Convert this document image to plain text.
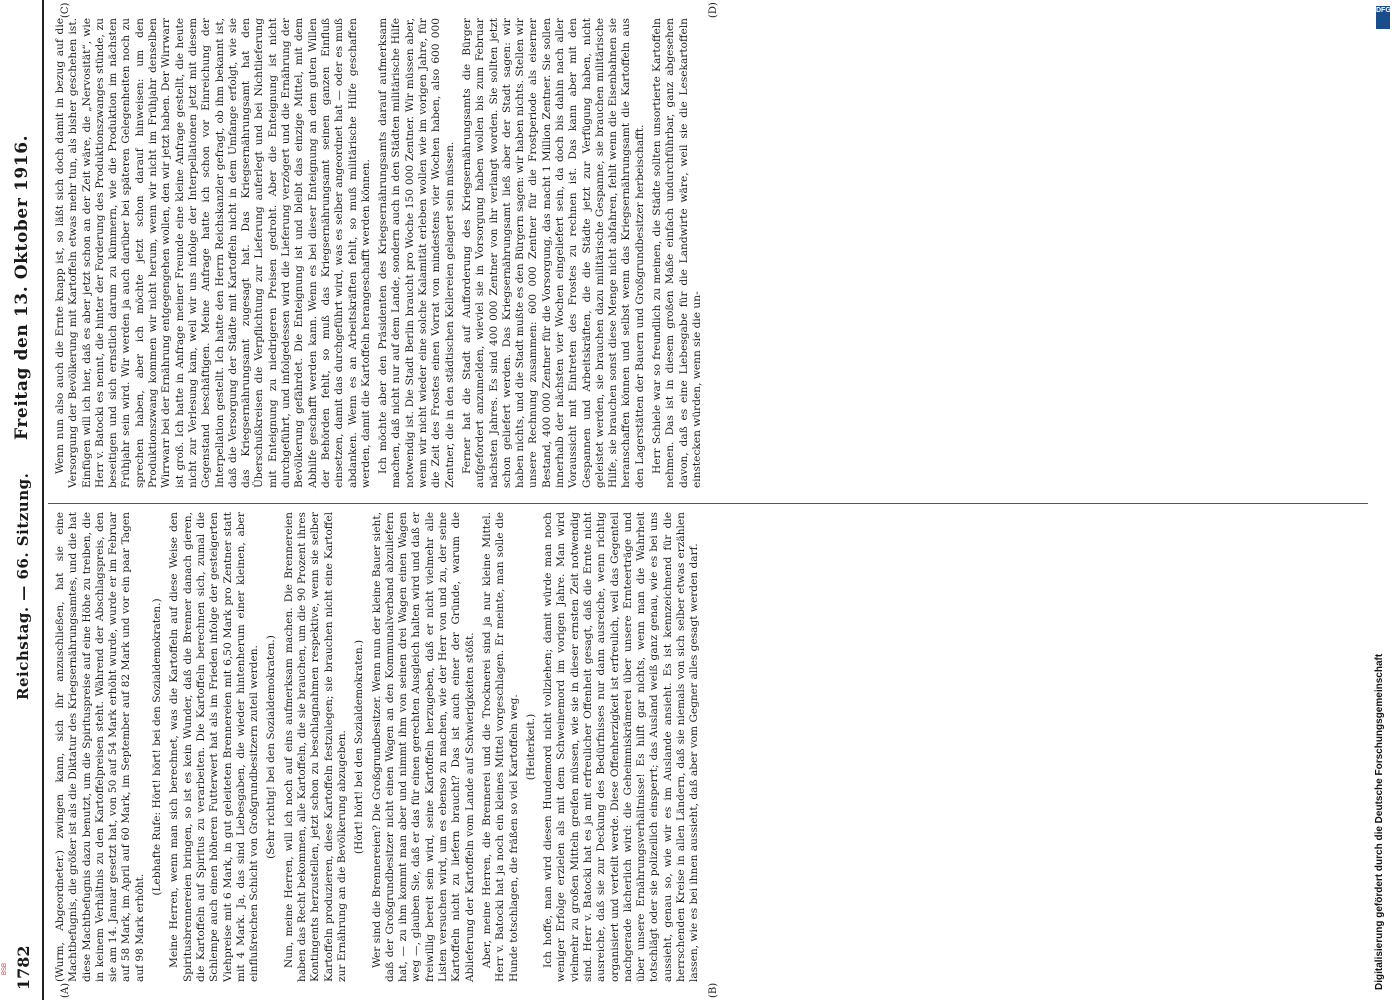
1782
Reichstag. — 66. Sitzung.
Freitag den 13. Oktober 1916.
(A)	(B)
(C)	(D)

(Wurm, Abgeordneter.) zwingen kann, sich ihr anzuschließen, hat sie eine Machtbefugnis, die größer ist als die Diktatur des Kriegsernährungsamtes, und die hat diese Machtbefugnis dazu benutzt, um die Spirituspreise auf eine Höhe zu treiben, die in keinem Verhältnis zu den Kartoffelpreisen steht. Während der Abschlagspreis, den sie am 14. Januar gesetzt hat, von 50 auf 54 Mark erhöht wurde, wurde er im Februar auf 58 Mark, im April auf 60 Mark, im September auf 82 Mark und vor ein paar Tagen auf 98 Mark erhöht.

(Lebhafte Rufe: Hört! hört! bei den Sozialdemokraten.) Meine Herren, wenn man sich berechnet, was die Kartoffeln auf diese Weise den Spiritusbrennereien bringen, so ist es kein Wunder, daß die Brenner danach gieren, die Kartoffeln auf Spiritus zu verarbeiten. Die Kartoffeln berechnen sich, zumal die Schlempe auch einen höheren Futterwert hat als im Frieden infolge der gesteigerten Viehpreise mit 6 Mark, in gut geleiteten Brennereien mit 6,50 Mark pro Zentner statt mit 4 Mark. Ja, das sind Liebesgaben, die wieder hintenherum einer kleinen, aber einflußreichen Schicht von Großgrundbesitzern zuteil werden. (Sehr richtig! bei den Sozialdemokraten.) Nun, meine Herren, will ich noch auf eins aufmerksam machen. Die Brennereien haben das Recht bekommen, alle Kartoffeln, die sie brauchen, um die 90 Prozent ihres Kontingents herzustellen, jetzt schon zu beschlagnahmen respektive, wenn sie selber Kartoffeln produzieren, diese Kartoffeln festzulegen; sie brauchen nicht eine Kartoffel zur Ernährung an die Bevölkerung abzugeben. (Hört! hört! bei den Sozialdemokraten.) Wer sind die Brennereien? Die Großgrundbesitzer. Wenn nun der kleine Bauer sieht, daß der Großgrundbesitzer nicht einen Wagen an den Kommunalverband abzuliefern hat, — zu ihm kommt man aber und nimmt ihm von seinen drei Wagen einen Wagen weg —, glauben Sie, daß er das für einen gerechten Ausgleich halten wird und daß er freiwillig bereit sein wird, seine Kartoffeln herzugeben, daß er nicht vielmehr alle Listen versuchen wird, um es ebenso zu machen, wie der Herr von und zu, der seine Kartoffeln nicht zu liefern braucht? Das ist auch einer der Gründe, warum die Ablieferung der Kartoffeln vom Lande auf Schwierigkeiten stößt. Aber, meine Herren, die Brennerei und die Trocknerei sind ja nur kleine Mittel. Herr v. Batocki hat ja noch ein kleines Mittel vorgeschlagen. Er meinte, man solle die Hunde totschlagen, die fräßen so viel Kartoffeln weg. (Heiterkeit.) Ich hoffe, man wird diesen Hundemord nicht vollziehen; damit würde man noch weniger Erfolge erzielen als mit dem Schweinemord im vorigen Jahre. Man wird vielmehr zu großen Mitteln greifen müssen, wie sie in dieser ernsten Zeit notwendig sind. Herr v. Batocki hat es ja mit erfreulicher Offenheit gesagt, daß die Ernte nicht ausreiche, daß sie zur Deckung des Bedürfnisses nur dann ausreiche, wenn richtig organisiert und verteilt werde. Diese Offenherzigkeit ist erfreulich, weil das Gegenteil nachgerade lächerlich wird: die Geheimniskrämerei über unsere Ernteerträge und über unsere Ernährungsverhältnisse! Es hilft gar nichts, wenn man die Wahrheit totschlägt oder sie polizeilich einsperrt; das Ausland weiß ganz genau, wie es bei uns aussieht, genau so, wie wir es im Auslande ansieht. Es ist kennzeichnend für die herrschenden Kreise in allen Ländern, daß sie niemals von sich selber etwas erzählen lassen, wie es bei ihnen aussieht, daß aber vom Gegner alles gesagt werden darf.

Wenn nun also auch die Ernte knapp ist, so läßt sich doch damit in bezug auf die Versorgung der Bevölkerung mit Kartoffeln etwas mehr tun, als bisher geschehen ist. Einfügen will ich hier, daß es aber jetzt schon an der Zeit wäre, die „Nervosität“, wie Herr v. Batocki es nennt, die hinter der Forderung des Produktionszwanges stünde, zu beseitigen und sich ernstlich darum zu kümmern, wie die Produktion im nächsten Frühjahr sein wird. Wir werden ja auch darüber bei späteren Gelegenheiten noch zu sprechen haben, aber ich möchte jetzt schon darauf hinweisen: um den Produktionszwang kommen wir nicht herum, wenn wir nicht im Frühjahr denselben Wirrwarr bei der Ernährung entgegengehen wollen, den wir jetzt haben. Der Wirrwarr ist groß. Ich hatte in Anfrage meiner Freunde eine kleine Anfrage gestellt, die heute nicht zur Verlesung kam, weil wir uns infolge der Interpellationen jetzt mit diesem Gegenstand beschäftigen. Meine Anfrage hatte ich schon vor Einreichung der Interpellation gestellt. Ich hatte den Herrn Reichskanzler gefragt, ob ihm bekannt ist, daß die Versorgung der Städte mit Kartoffeln nicht in dem Umfange erfolgt, wie sie das Kriegsernährungsamt zugesagt hat. Das Kriegsernährungsamt hat den Überschußkreisen die Verpflichtung zur Lieferung auferlegt und bei Nichtlieferung mit Enteignung zu niedrigeren Preisen gedroht. Aber die Enteignung ist nicht durchgeführt, und infolgedessen wird die Lieferung verzögert und die Ernährung der Bevölkerung gefährdet. Die Enteignung ist und bleibt das einzige Mittel, mit dem Abhilfe geschafft werden kann. Wenn es bei dieser Enteignung an dem guten Willen der Behörden fehlt, so muß das Kriegsernährungsamt seinen ganzen Einfluß einsetzen, damit das durchgeführt wird, was es selber angeordnet hat — oder es muß abdanken. Wenn es an Arbeitskräften fehlt, so muß militärische Hilfe geschaffen werden, damit die Kartoffeln herangeschafft werden können. Ich möchte aber den Präsidenten des Kriegsernährungsamts darauf aufmerksam machen, daß nicht nur auf dem Lande, sondern auch in den Städten militärische Hilfe notwendig ist. Die Stadt Berlin braucht pro Woche 150 000 Zentner. Wir müssen aber, wenn wir nicht wieder eine solche Kalamität erleben wollen wie im vorigen Jahre, für die Zeit des Frostes einen Vorrat von mindestens vier Wochen haben, also 600 000 Zentner, die in den städtischen Kellereien gelagert sein müssen. Ferner hat die Stadt auf Aufforderung des Kriegsernährungsamts die Bürger aufgefordert anzumelden, wieviel sie in Vorsorgung haben wollen bis zum Februar nächsten Jahres. Es sind 400 000 Zentner von ihr verlangt worden. Sie sollten jetzt schon geliefert werden. Das Kriegsernährungsamt ließ aber der Stadt sagen: wir haben nichts, und die Stadt mußte es den Bürgern sagen: wir haben nichts. Stellen wir unsere Rechnung zusammen: 600 000 Zentner für die Frostperiode als eiserner Bestand, 400 000 Zentner für die Vorsorgung, das macht 1 Million Zentner. Sie sollen innerhalb der nächsten vier Wochen eingeliefert sein, da doch bis dahin nach aller Voraussicht mit Eintreten des Frostes zu rechnen ist. Das kann aber mit den Gespannen und Arbeitskräften, die die Städte jetzt zur Verfügung haben, nicht geleistet werden, sie brauchen dazu militärische Gespanne, sie brauchen militärische Hilfe, sie brauchen sonst diese Menge nicht abfahren, fehlt wenn die Eisenbahnen sie heranschaffen können und selbst wenn das Kriegsernährungsamt die Kartoffeln aus den Lagerstätten der Bauern und Großgrundbesitzer herbeischafft. Herr Schiele war so freundlich zu meinen, die Städte sollten unsortierte Kartoffeln nehmen. Das ist in diesem großen Maße einfach undurchführbar, ganz abgesehen davon, daß es eine Liebesgabe für die Landwirte wäre, weil sie die Lesekartoffeln einstecken würden, wenn sie die un-

Digitalisierung gefördert durch die Deutsche Forschungsgemeinschaft
DFG
BSB
